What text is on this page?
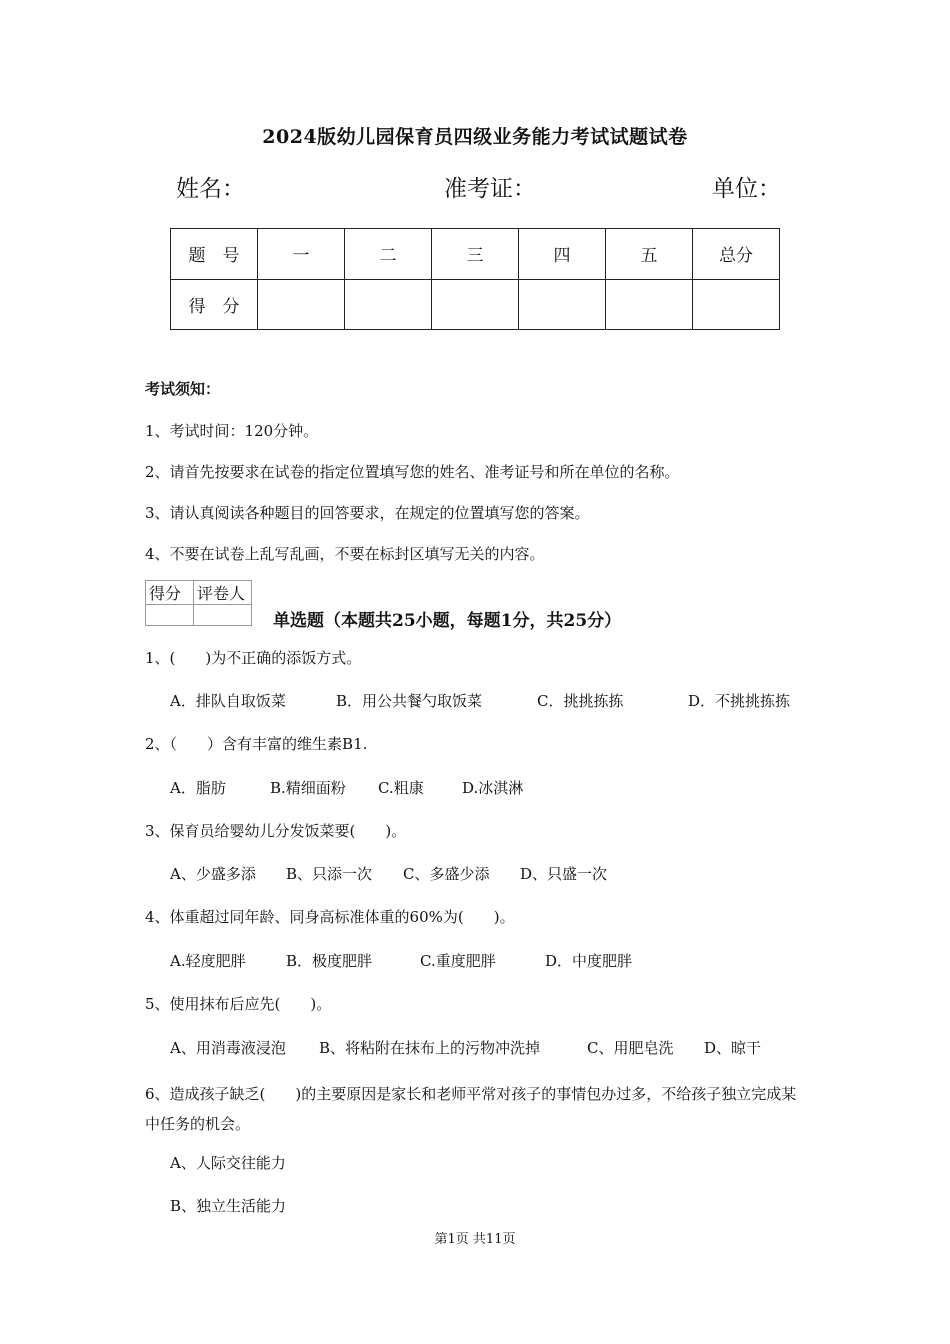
2024版幼儿园保育员四级业务能力考试试题试卷
姓名：	准考证：	单位：
题　号	一	二	三	四	五	总分
得　分						
考试须知：
1、考试时间：120分钟。
2、请首先按要求在试卷的指定位置填写您的姓名、准考证号和所在单位的名称。
3、请认真阅读各种题目的回答要求，在规定的位置填写您的答案。
4、不要在试卷上乱写乱画，不要在标封区填写无关的内容。
得分	评卷人

单选题（本题共25小题，每题1分，共25分）
1、(　　)为不正确的添饭方式。
A．排队自取饭菜	B．用公共餐勺取饭菜	C．挑挑拣拣	D．不挑挑拣拣
2、（　　）含有丰富的维生素B1.
A．脂肪	B.精细面粉 C.粗康	D.冰淇淋
3、保育员给婴幼儿分发饭菜要(　　)。
A、少盛多添 B、只添一次 C、多盛少添 D、只盛一次
4、体重超过同年龄、同身高标准体重的60%为(　　)。
A.轻度肥胖	B．极度肥胖	C.重度肥胖	D．中度肥胖
5、使用抹布后应先(　　)。
A、用消毒液浸泡 B、将粘附在抹布上的污物冲洗掉	C、用肥皂洗 D、晾干
6、造成孩子缺乏(　　)的主要原因是家长和老师平常对孩子的事情包办过多，不给孩子独立完成某中任务的机会。
A、人际交往能力
B、独立生活能力
第1页 共11页
